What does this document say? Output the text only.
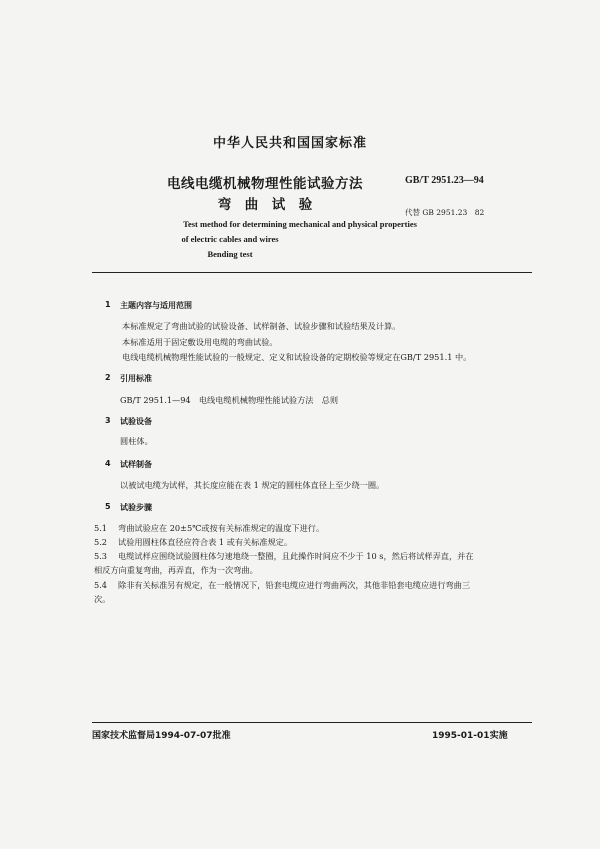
中华人民共和国国家标准
电线电缆机械物理性能试验方法
弯　曲　试　验
GB/T 2951.23—94
代替 GB 2951.23　82
Test method for determining mechanical and physical properties
of electric cables and wires
Bending test
1 主题内容与适用范围
本标准规定了弯曲试验的试验设备、试样制备、试验步骤和试验结果及计算。
本标准适用于固定敷设用电缆的弯曲试验。
电线电缆机械物理性能试验的一般规定、定义和试验设备的定期校验等规定在GB/T 2951.1 中。
2 引用标准
GB/T 2951.1—94　电线电缆机械物理性能试验方法　总则
3 试验设备
圆柱体。
4 试样制备
以被试电缆为试样，其长度应能在表 1 规定的圆柱体直径上至少绕一圈。
5 试验步骤
5.1 弯曲试验应在 20±5℃或按有关标准规定的温度下进行。
5.2 试验用圆柱体直径应符合表 1 或有关标准规定。
5.3 电缆试样应围绕试验圆柱体匀速地绕一整圈，且此操作时间应不少于 10 s，然后将试样弄直，并在
相反方向重复弯曲，再弄直，作为一次弯曲。
5.4 除非有关标准另有规定，在一般情况下，铅套电缆应进行弯曲两次，其他非铅套电缆应进行弯曲三
次。
国家技术监督局1994-07-07批准	1995-01-01实施
